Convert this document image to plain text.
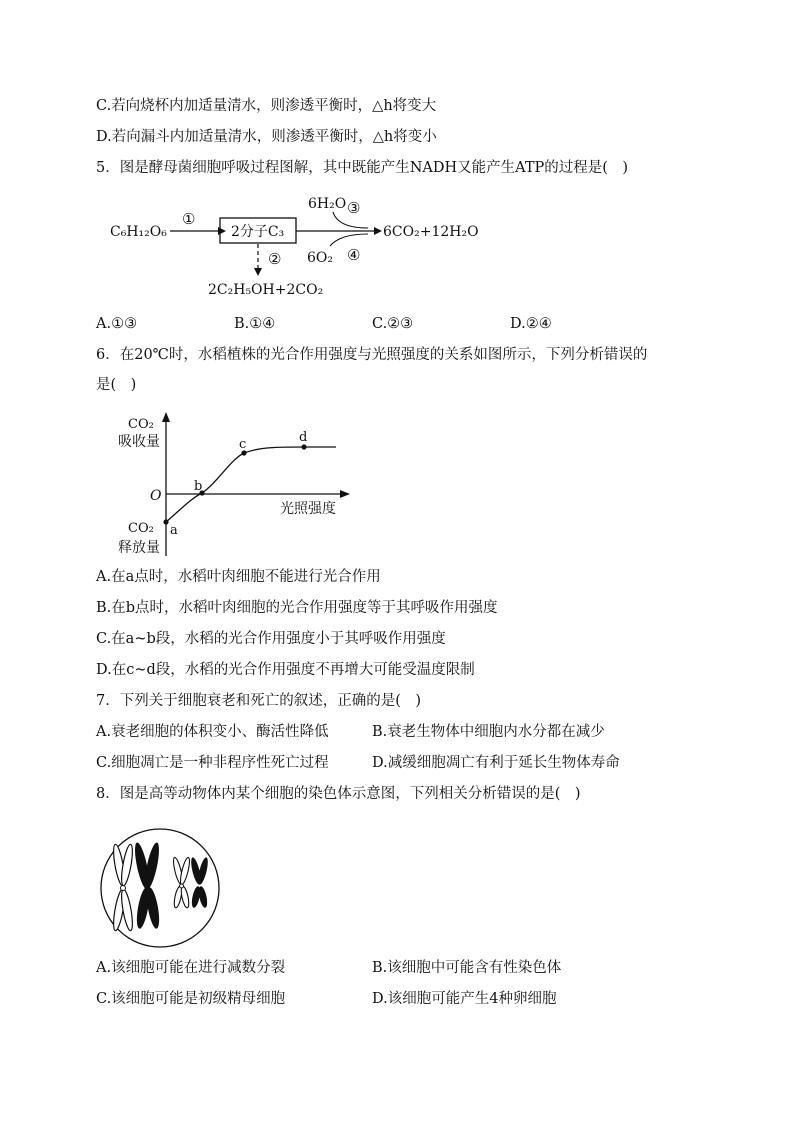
C.若向烧杯内加适量清水，则渗透平衡时，△h将变大
D.若向漏斗内加适量清水，则渗透平衡时，△h将变小
5．图是酵母菌细胞呼吸过程图解，其中既能产生NADH又能产生ATP的过程是(　)
C₆H₁₂O₆
①
2分子C₃
6H₂O ③
6O₂ ④
6CO₂+12H₂O
②
2C₂H₅OH+2CO₂
A.①③	B.①④	C.②③	D.②④
6．在20℃时，水稻植株的光合作用强度与光照强度的关系如图所示，下列分析错误的
是(　)
CO₂
吸收量
O
CO₂
释放量
光照强度
a
b
c	d
A.在a点时，水稻叶肉细胞不能进行光合作用
B.在b点时，水稻叶肉细胞的光合作用强度等于其呼吸作用强度
C.在a~b段，水稻的光合作用强度小于其呼吸作用强度
D.在c~d段，水稻的光合作用强度不再增大可能受温度限制
7．下列关于细胞衰老和死亡的叙述，正确的是(　)
A.衰老细胞的体积变小、酶活性降低	B.衰老生物体中细胞内水分都在减少
C.细胞凋亡是一种非程序性死亡过程	D.减缓细胞凋亡有利于延长生物体寿命
8．图是高等动物体内某个细胞的染色体示意图，下列相关分析错误的是(　)
A.该细胞可能在进行减数分裂	B.该细胞中可能含有性染色体
C.该细胞可能是初级精母细胞	D.该细胞可能产生4种卵细胞
